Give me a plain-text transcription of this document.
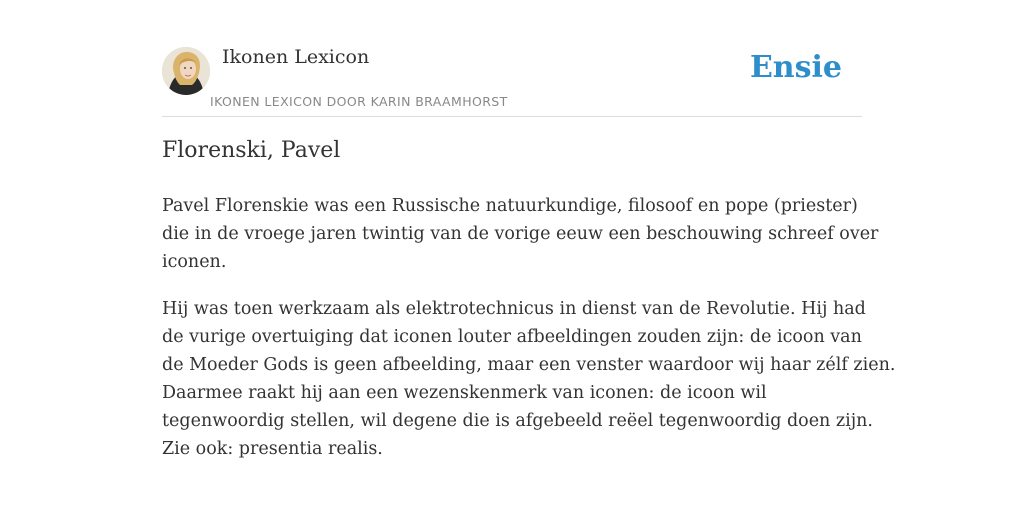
Ikonen Lexicon
IKONEN LEXICON DOOR KARIN BRAAMHORST
Ensie
Florenski, Pavel

Pavel Florenskie was een Russische natuurkundige, filosoof en pope (priester)
die in de vroege jaren twintig van de vorige eeuw een beschouwing schreef over
iconen.

Hij was toen werkzaam als elektrotechnicus in dienst van de Revolutie. Hij had
de vurige overtuiging dat iconen louter afbeeldingen zouden zijn: de icoon van
de Moeder Gods is geen afbeelding, maar een venster waardoor wij haar zélf zien.
Daarmee raakt hij aan een wezenskenmerk van iconen: de icoon wil
tegenwoordig stellen, wil degene die is afgebeeld reëel tegenwoordig doen zijn.
Zie ook: presentia realis.
